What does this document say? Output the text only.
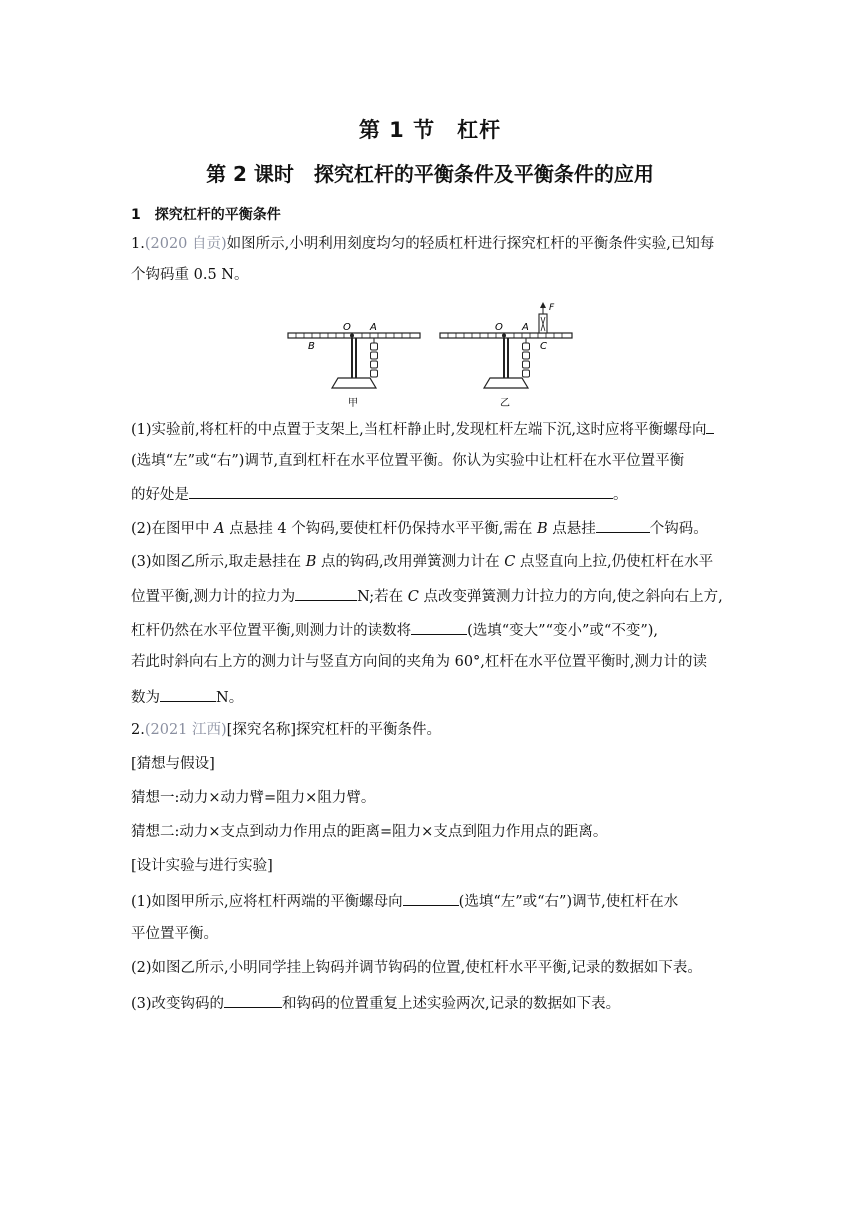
第 1 节　杠杆
第 2 课时　探究杠杆的平衡条件及平衡条件的应用
1　探究杠杆的平衡条件
1.(2020 自贡)如图所示,小明利用刻度均匀的轻质杠杆进行探究杠杆的平衡条件实验,已知每
个钩码重 0.5 N。
O A
B
甲
F
O A
C
乙
(1)实验前,将杠杆的中点置于支架上,当杠杆静止时,发现杠杆左端下沉,这时应将平衡螺母向
(选填“左”或“右”)调节,直到杠杆在水平位置平衡。你认为实验中让杠杆在水平位置平衡
的好处是	。
(2)在图甲中 A 点悬挂 4 个钩码,要使杠杆仍保持水平平衡,需在 B 点悬挂	个钩码。
(3)如图乙所示,取走悬挂在 B 点的钩码,改用弹簧测力计在 C 点竖直向上拉,仍使杠杆在水平
位置平衡,测力计的拉力为	N;若在 C 点改变弹簧测力计拉力的方向,使之斜向右上方,
杠杆仍然在水平位置平衡,则测力计的读数将	(选填“变大”“变小”或“不变”),
若此时斜向右上方的测力计与竖直方向间的夹角为 60°,杠杆在水平位置平衡时,测力计的读
数为	N。
2.(2021 江西)[探究名称]探究杠杆的平衡条件。
[猜想与假设]
猜想一:动力×动力臂=阻力×阻力臂。
猜想二:动力×支点到动力作用点的距离=阻力×支点到阻力作用点的距离。
[设计实验与进行实验]
(1)如图甲所示,应将杠杆两端的平衡螺母向	(选填“左”或“右”)调节,使杠杆在水
平位置平衡。
(2)如图乙所示,小明同学挂上钩码并调节钩码的位置,使杠杆水平平衡,记录的数据如下表。
(3)改变钩码的	和钩码的位置重复上述实验两次,记录的数据如下表。
